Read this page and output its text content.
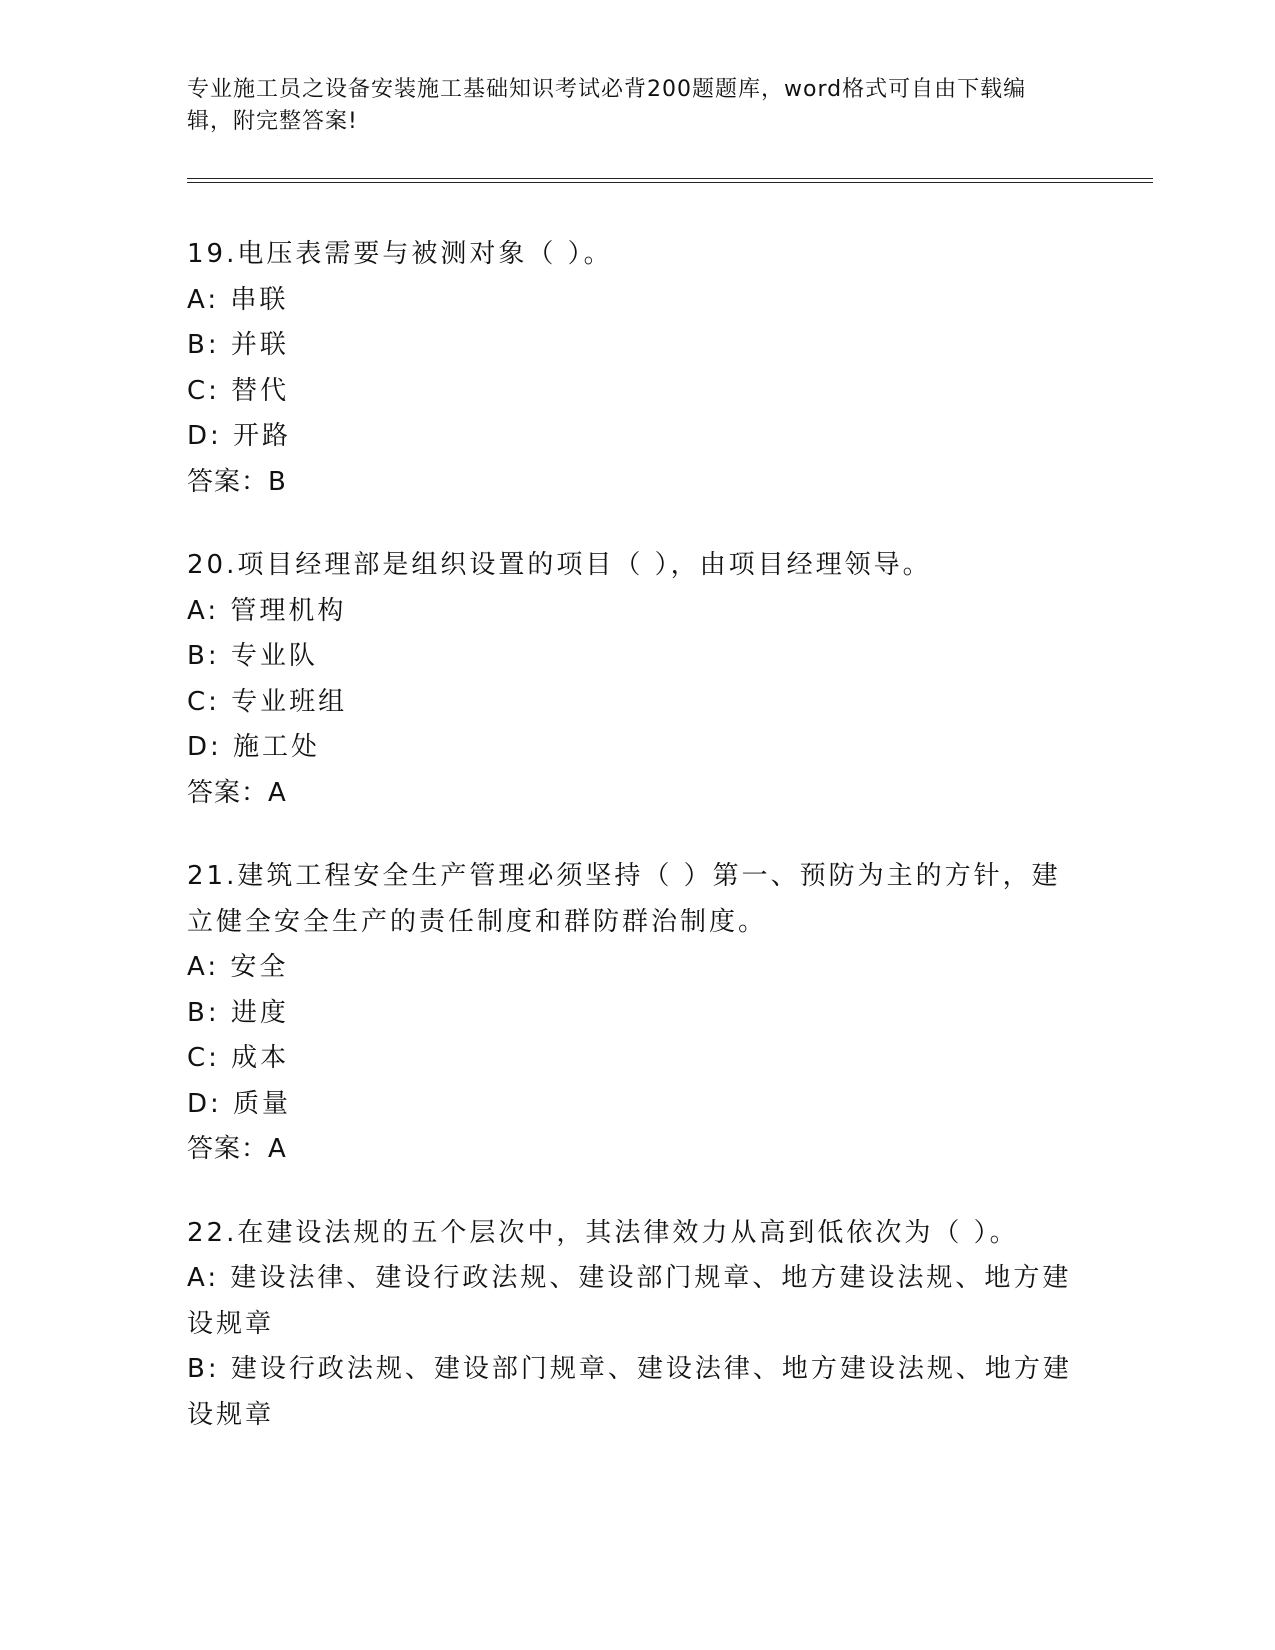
专业施工员之设备安装施工基础知识考试必背200题题库，word格式可自由下载编辑，附完整答案!

19.电压表需要与被测对象（ ）。

A: 串联

B: 并联

C: 替代

D: 开路

答案：B

20.项目经理部是组织设置的项目（ ），由项目经理领导。

A: 管理机构

B: 专业队

C: 专业班组

D: 施工处

答案：A

21.建筑工程安全生产管理必须坚持（ ）第一、预防为主的方针，建立健全安全生产的责任制度和群防群治制度。

A: 安全

B: 进度

C: 成本

D: 质量

答案：A

22.在建设法规的五个层次中，其法律效力从高到低依次为（ ）。

A: 建设法律、建设行政法规、建设部门规章、地方建设法规、地方建设规章

B: 建设行政法规、建设部门规章、建设法律、地方建设法规、地方建设规章
